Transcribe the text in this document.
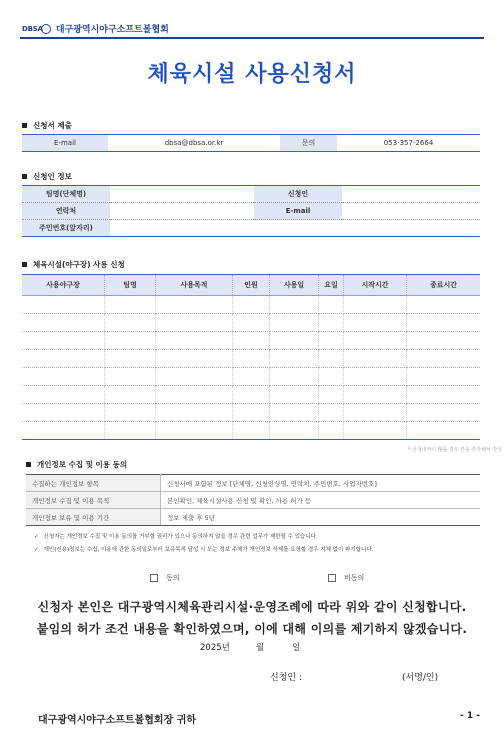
DBSA 대구광역시야구소프트볼협회
체육시설 사용신청서
신청서 제출
E-mail	dbsa@dbsa.or.kr	문의	053-357-2664
신청인 정보
팀명(단체명)		신청인	
연락처		E-mail	
주민번호(앞자리)			
체육시설(야구장) 사용 신청
사용야구장	팀명	사용목적	인원	사용일	요일	시작시간	종료시간

* 신청내역이 많을 경우 칸을 추가해서 작성
개인정보 수집 및 이용 동의
수집하는 개인정보 항목	신청서에 포함된 정보 [단체명, 신청인성명, 연락처, 주민번호, 사업자번호]
개인정보 수집 및 이용 목적	본인확인, 체육시설사용 신청 및 확인, 사용 허가 등
개인정보 보유 및 이용 기간	정보 제출 후 5년
✓ 신청자는 개인정보 수집 및 이용 동의를 거부할 권리가 있으나 동의하지 않을 경우 관련 업무가 제한될 수 있습니다.
✓ 개인(신용)정보는 수집, 이용에 관한 동의일로부터 보유목적 달성 시 또는 정보 주체가 개인정보 삭제를 요청할 경우 지체 없이 파기합니다.
동의	비동의
신청자 본인은 대구광역시체육관리시설·운영조례에 따라 위와 같이 신청합니다.
붙임의 허가 조건 내용을 확인하였으며, 이에 대해 이의를 제기하지 않겠습니다.
2025년	월	일
신청인 :	(서명/인)
대구광역시야구소프트볼협회장 귀하	- 1 -
